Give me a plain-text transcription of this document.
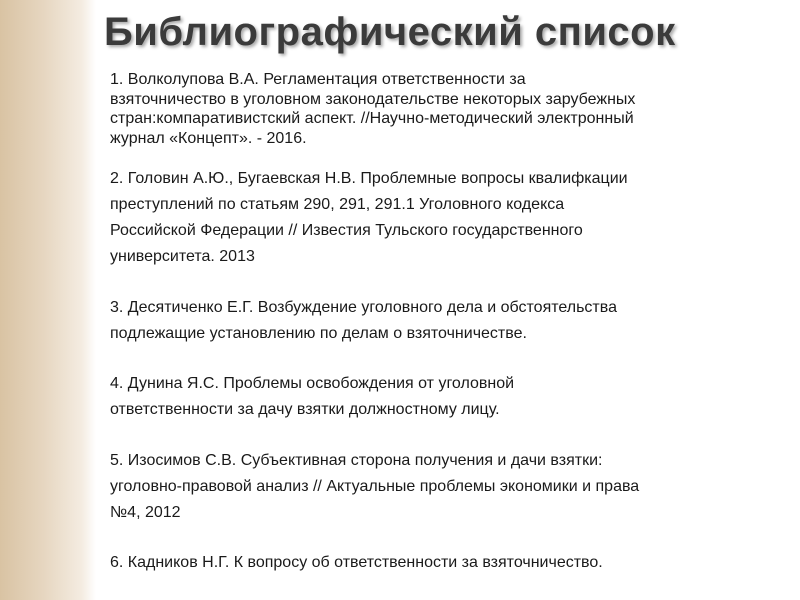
Библиографический список

1. Волколупова В.А. Регламентация ответственности за
взяточничество в уголовном законодательстве некоторых зарубежных
стран:компаративистский аспект. //Научно-методический электронный
журнал «Концепт». - 2016.

2. Головин А.Ю., Бугаевская Н.В. Проблемные вопросы квалифкации
преступлений по статьям 290, 291, 291.1 Уголовного кодекса
Российской Федерации // Известия Тульского государственного
университета. 2013

3. Десятиченко Е.Г. Возбуждение уголовного дела и обстоятельства
подлежащие установлению по делам о взяточничестве.

4. Дунина Я.С. Проблемы освобождения от уголовной
ответственности за дачу взятки должностному лицу.

5. Изосимов С.В. Субъективная сторона получения и дачи взятки:
уголовно-правовой анализ // Актуальные проблемы экономики и права
№4, 2012

6. Кадников Н.Г. К вопросу об ответственности за взяточничество.
